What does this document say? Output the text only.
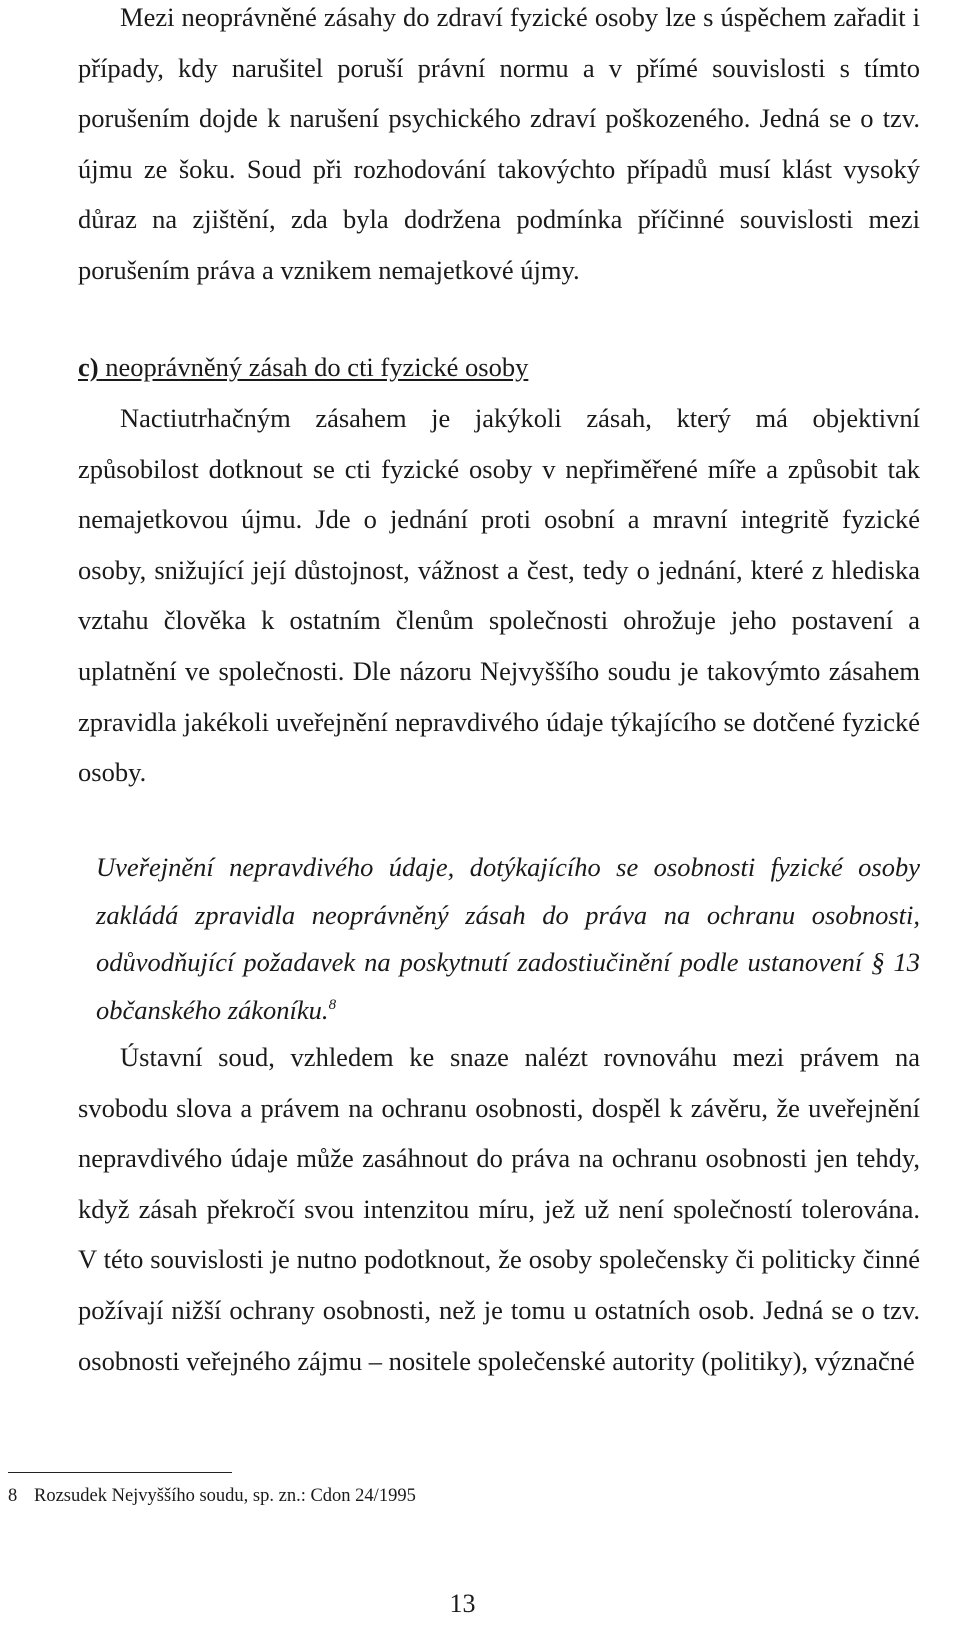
Mezi neoprávněné zásahy do zdraví fyzické osoby lze s úspěchem zařadit i případy, kdy narušitel poruší právní normu a v přímé souvislosti s tímto porušením dojde k narušení psychického zdraví poškozeného. Jedná se o tzv. újmu ze šoku. Soud při rozhodování takovýchto případů musí klást vysoký důraz na zjištění, zda byla dodržena podmínka příčinné souvislosti mezi porušením práva a vznikem nemajetkové újmy.

c) neoprávněný zásah do cti fyzické osoby

Nactiutrhačným zásahem je jakýkoli zásah, který má objektivní způsobilost dotknout se cti fyzické osoby v nepřiměřené míře a způsobit tak nemajetkovou újmu. Jde o jednání proti osobní a mravní integritě fyzické osoby, snižující její důstojnost, vážnost a čest, tedy o jednání, které z hlediska vztahu člověka k ostatním členům společnosti ohrožuje jeho postavení a uplatnění ve společnosti. Dle názoru Nejvyššího soudu je takovýmto zásahem zpravidla jakékoli uveřejnění nepravdivého údaje týkajícího se dotčené fyzické osoby.

Uveřejnění nepravdivého údaje, dotýkajícího se osobnosti fyzické osoby zakládá zpravidla neoprávněný zásah do práva na ochranu osobnosti, odůvodňující požadavek na poskytnutí zadostiučinění podle ustanovení § 13 občanského zákoníku.$^8$

Ústavní soud, vzhledem ke snaze nalézt rovnováhu mezi právem na svobodu slova a právem na ochranu osobnosti, dospěl k závěru, že uveřejnění nepravdivého údaje může zasáhnout do práva na ochranu osobnosti jen tehdy, když zásah překročí svou intenzitou míru, jež už není společností tolerována. V této souvislosti je nutno podotknout, že osoby společensky či politicky činné požívají nižší ochrany osobnosti, než je tomu u ostatních osob. Jedná se o tzv. osobnosti veřejného zájmu – nositele společenské autority (politiky), význačné

8 Rozsudek Nejvyššího soudu, sp. zn.: Cdon 24/1995

13
